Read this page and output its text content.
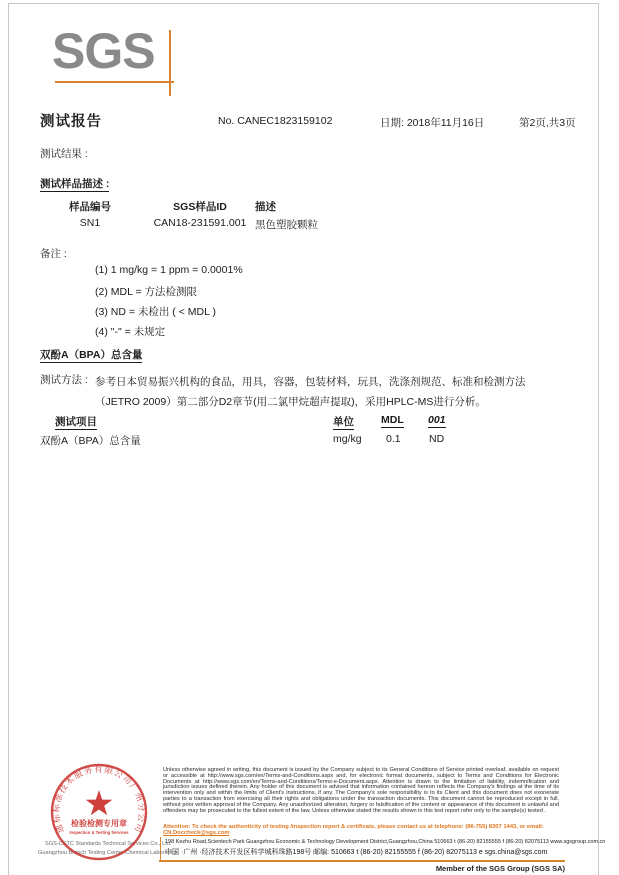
SGS
测试报告	No. CANEC1823159102	日期: 2018年11月16日	第2页,共3页
测试结果 :
测试样品描述 :
样品编号	SGS样品ID	描述
SN1	CAN18-231591.001 黑色塑胶颗粒
备注 :
(1) 1 mg/kg = 1 ppm = 0.0001%
(2) MDL = 方法检测限
(3) ND = 未检出 ( < MDL )
(4) "-" = 未规定
双酚A（BPA）总含量
测试方法 : 参考日本贸易振兴机构的食品，用具，容器，包装材料，玩具，洗涤剂规范、标准和检测方法（JETRO 2009）第二部分D2章节(用二氯甲烷超声提取)，采用HPLC-MS进行分析。
测试项目	单位	MDL 001
双酚A（BPA）总含量	mg/kg 0.1	ND
Unless otherwise agreed in writing, this document is issued by the Company subject to its General Conditions of Service printed overleaf, available on request or accessible at http://www.sgs.com/en/Terms-and-Conditions.aspx and, for electronic format documents, subject to Terms and Conditions for Electronic Documents at http://www.sgs.com/en/Terms-and-Conditions/Terms-e-Document.aspx. Attention is drawn to the limitation of liability, indemnification and jurisdiction issues defined therein. Any holder of this document is advised that information contained hereon reflects the Company's findings at the time of its intervention only and within the limits of Client's instructions, if any. The Company's sole responsibility is to its Client and this document does not exonerate parties to a transaction from exercising all their rights and obligations under the transaction documents. This document cannot be reproduced except in full, without prior written approval of the Company. Any unauthorized alteration, forgery or falsification of the content or appearance of this document is unlawful and offenders may be prosecuted to the fullest extent of the law. Unless otherwise stated the results shown in this test report refer only to the sample(s) tested .
Attention: To check the authenticity of testing /inspection report & certificate, please contact us at telephone: (86-755) 8307 1443, or email: CN.Doccheck@sgs.com
198 Kezhu Road,Scientech Park Guangzhou Economic & Technology Development District,Guangzhou,China 510663 t (86-20) 82155555 f (86-20) 82075113 www.sgsgroup.com.cn
中国 ·广州 ·经济技术开发区科学城科珠路198号 邮编: 510663 t (86-20) 82155555 f (86-20) 82075113 e sgs.china@sgs.com
SGS-CSTC Standards Technical Services Co., Ltd.
Guangzhou Branch Testing Center Chemical Laboratory
通标标准技术服务有限公司广州分公司
检验检测专用章
Inspection & Testing Services
Member of the SGS Group (SGS SA)
